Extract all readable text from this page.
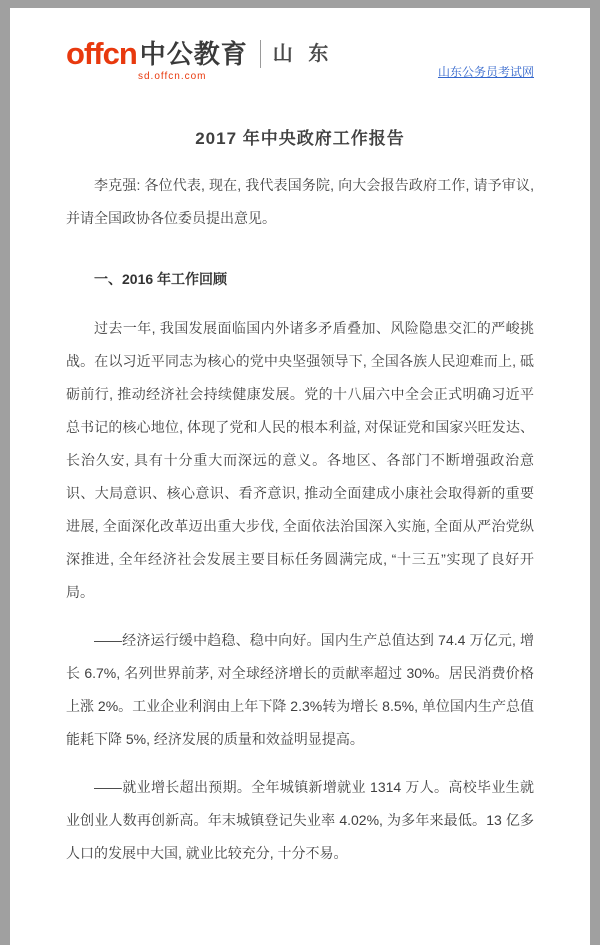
offcn 中公教育 山 东
sd.offcn.com	山东公务员考试网
2017 年中央政府工作报告

李克强: 各位代表, 现在, 我代表国务院, 向大会报告政府工作, 请予审议, 并请全国政协各位委员提出意见。

一、2016 年工作回顾

过去一年, 我国发展面临国内外诸多矛盾叠加、风险隐患交汇的严峻挑战。在以习近平同志为核心的党中央坚强领导下, 全国各族人民迎难而上, 砥砺前行, 推动经济社会持续健康发展。党的十八届六中全会正式明确习近平总书记的核心地位, 体现了党和人民的根本利益, 对保证党和国家兴旺发达、长治久安, 具有十分重大而深远的意义。各地区、各部门不断增强政治意识、大局意识、核心意识、看齐意识, 推动全面建成小康社会取得新的重要进展, 全面深化改革迈出重大步伐, 全面依法治国深入实施, 全面从严治党纵深推进, 全年经济社会发展主要目标任务圆满完成, “十三五”实现了良好开局。

——经济运行缓中趋稳、稳中向好。国内生产总值达到 74.4 万亿元, 增长 6.7%, 名列世界前茅, 对全球经济增长的贡献率超过 30%。居民消费价格上涨 2%。工业企业利润由上年下降 2.3%转为增长 8.5%, 单位国内生产总值能耗下降 5%, 经济发展的质量和效益明显提高。

——就业增长超出预期。全年城镇新增就业 1314 万人。高校毕业生就业创业人数再创新高。年末城镇登记失业率 4.02%, 为多年来最低。13 亿多人口的发展中大国, 就业比较充分, 十分不易。
